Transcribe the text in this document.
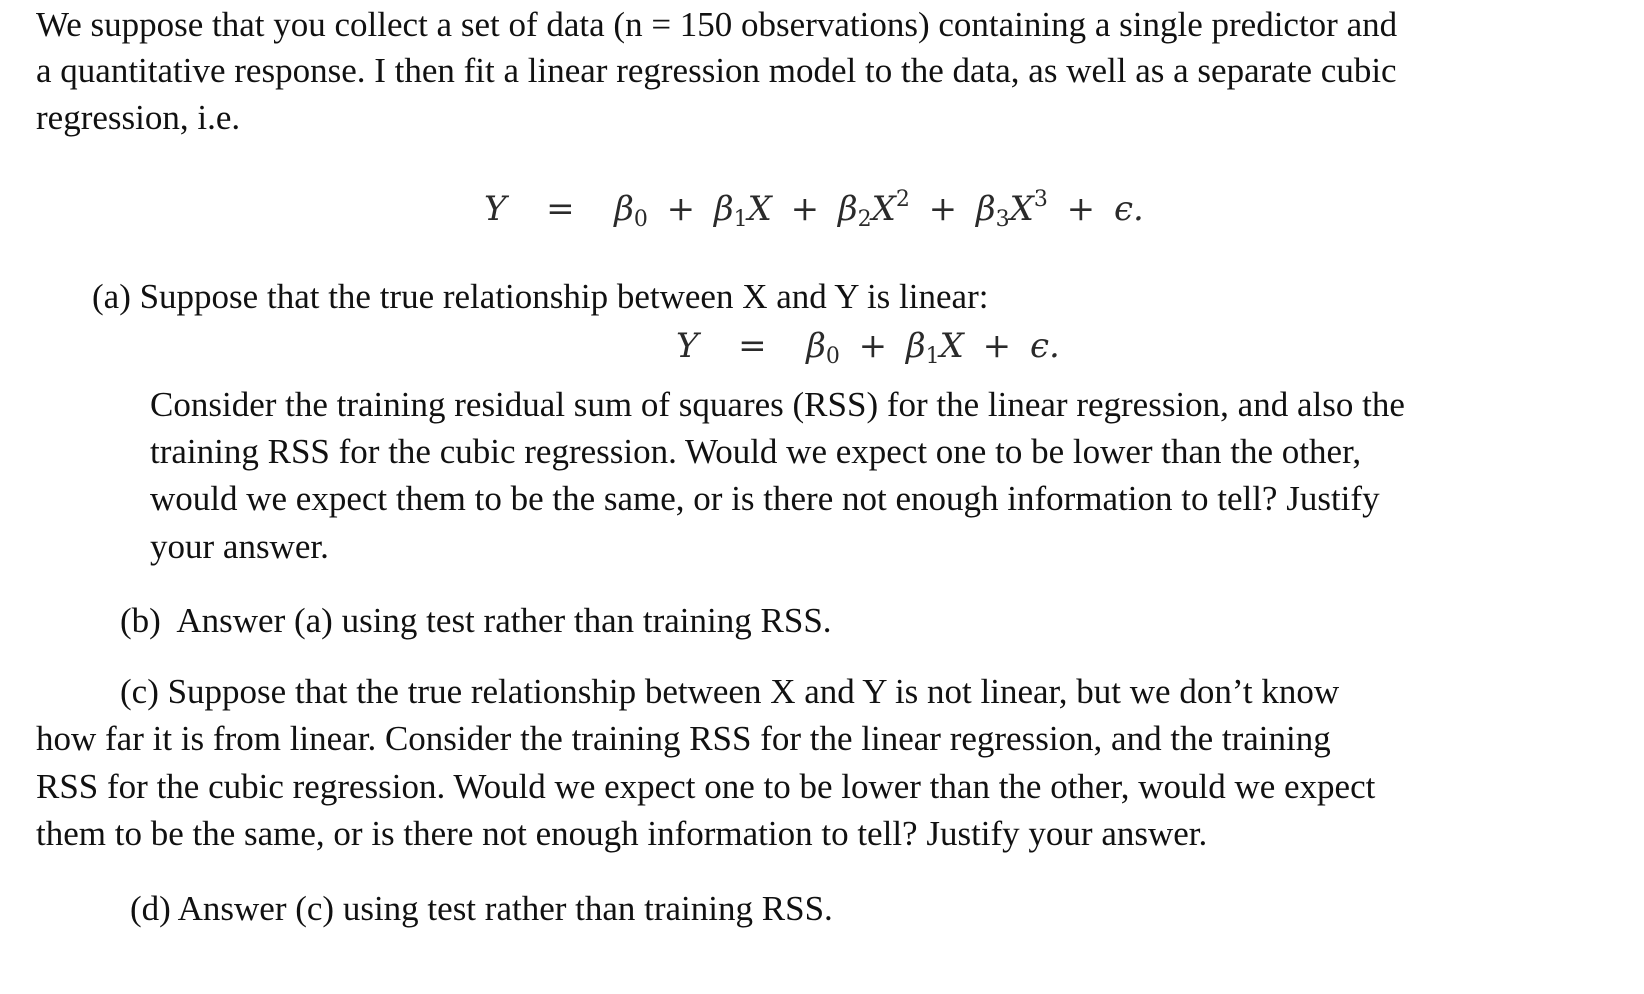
We suppose that you collect a set of data (n = 150 observations) containing a single predictor and

a quantitative response. I then fit a linear regression model to the data, as well as a separate cubic

regression, i.e.

$Y = \beta_0 + \beta_1X + \beta_2X^2 + \beta_3X^3 + \epsilon$.

(a) Suppose that the true relationship between X and Y is linear:

$Y = \beta_0 + \beta_1X + \epsilon$.

Consider the training residual sum of squares (RSS) for the linear regression, and also the

training RSS for the cubic regression. Would we expect one to be lower than the other,

would we expect them to be the same, or is there not enough information to tell? Justify

your answer.

(b)  Answer (a) using test rather than training RSS.

(c) Suppose that the true relationship between X and Y is not linear, but we don’t know

how far it is from linear. Consider the training RSS for the linear regression, and the training

RSS for the cubic regression. Would we expect one to be lower than the other, would we expect

them to be the same, or is there not enough information to tell? Justify your answer.

(d) Answer (c) using test rather than training RSS.
